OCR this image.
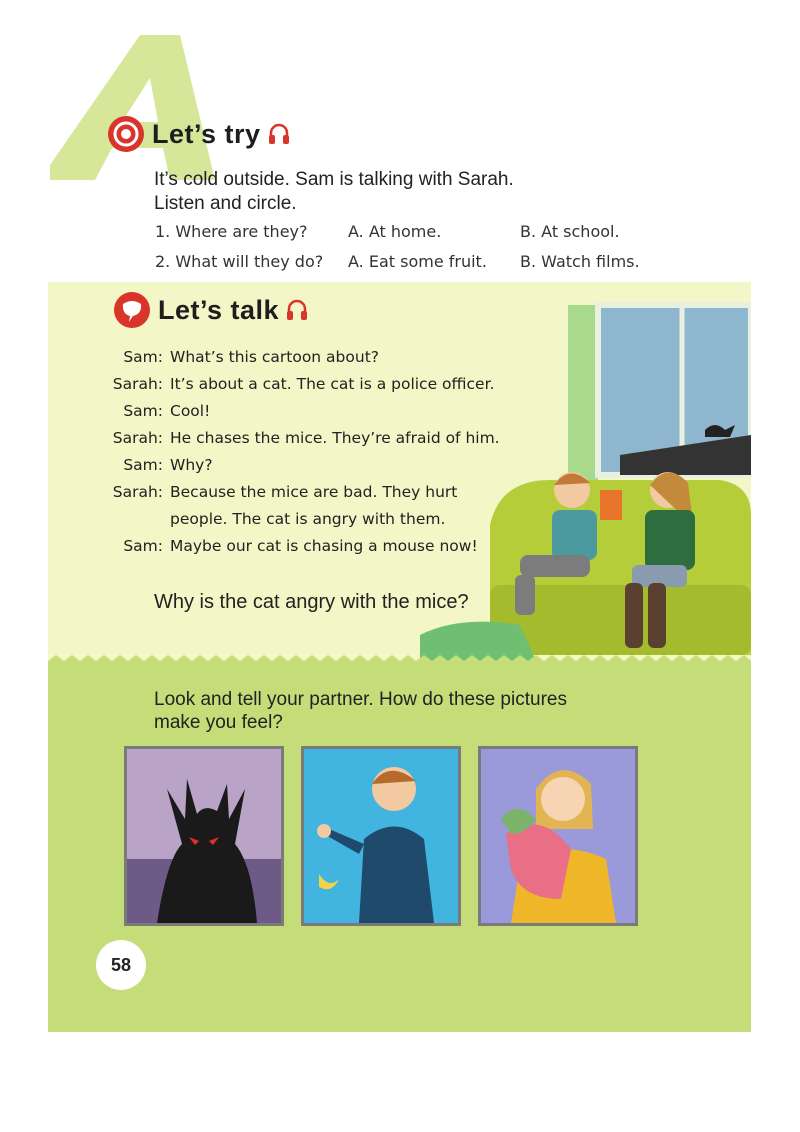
Let’s try
It’s cold outside. Sam is talking with Sarah.
Listen and circle.
1. Where are they?	A. At home.	B. At school.
2. What will they do? A. Eat some fruit. B. Watch films.
Let’s talk
Sam: What’s this cartoon about?
Sarah: It’s about a cat. The cat is a police officer.
Sam: Cool!
Sarah: He chases the mice. They’re afraid of him.
Sam: Why?
Sarah: Because the mice are bad. They hurt
people. The cat is angry with them.
Sam: Maybe our cat is chasing a mouse now!
Why is the cat angry with the mice?
Look and tell your partner. How do these pictures
make you feel?
58
